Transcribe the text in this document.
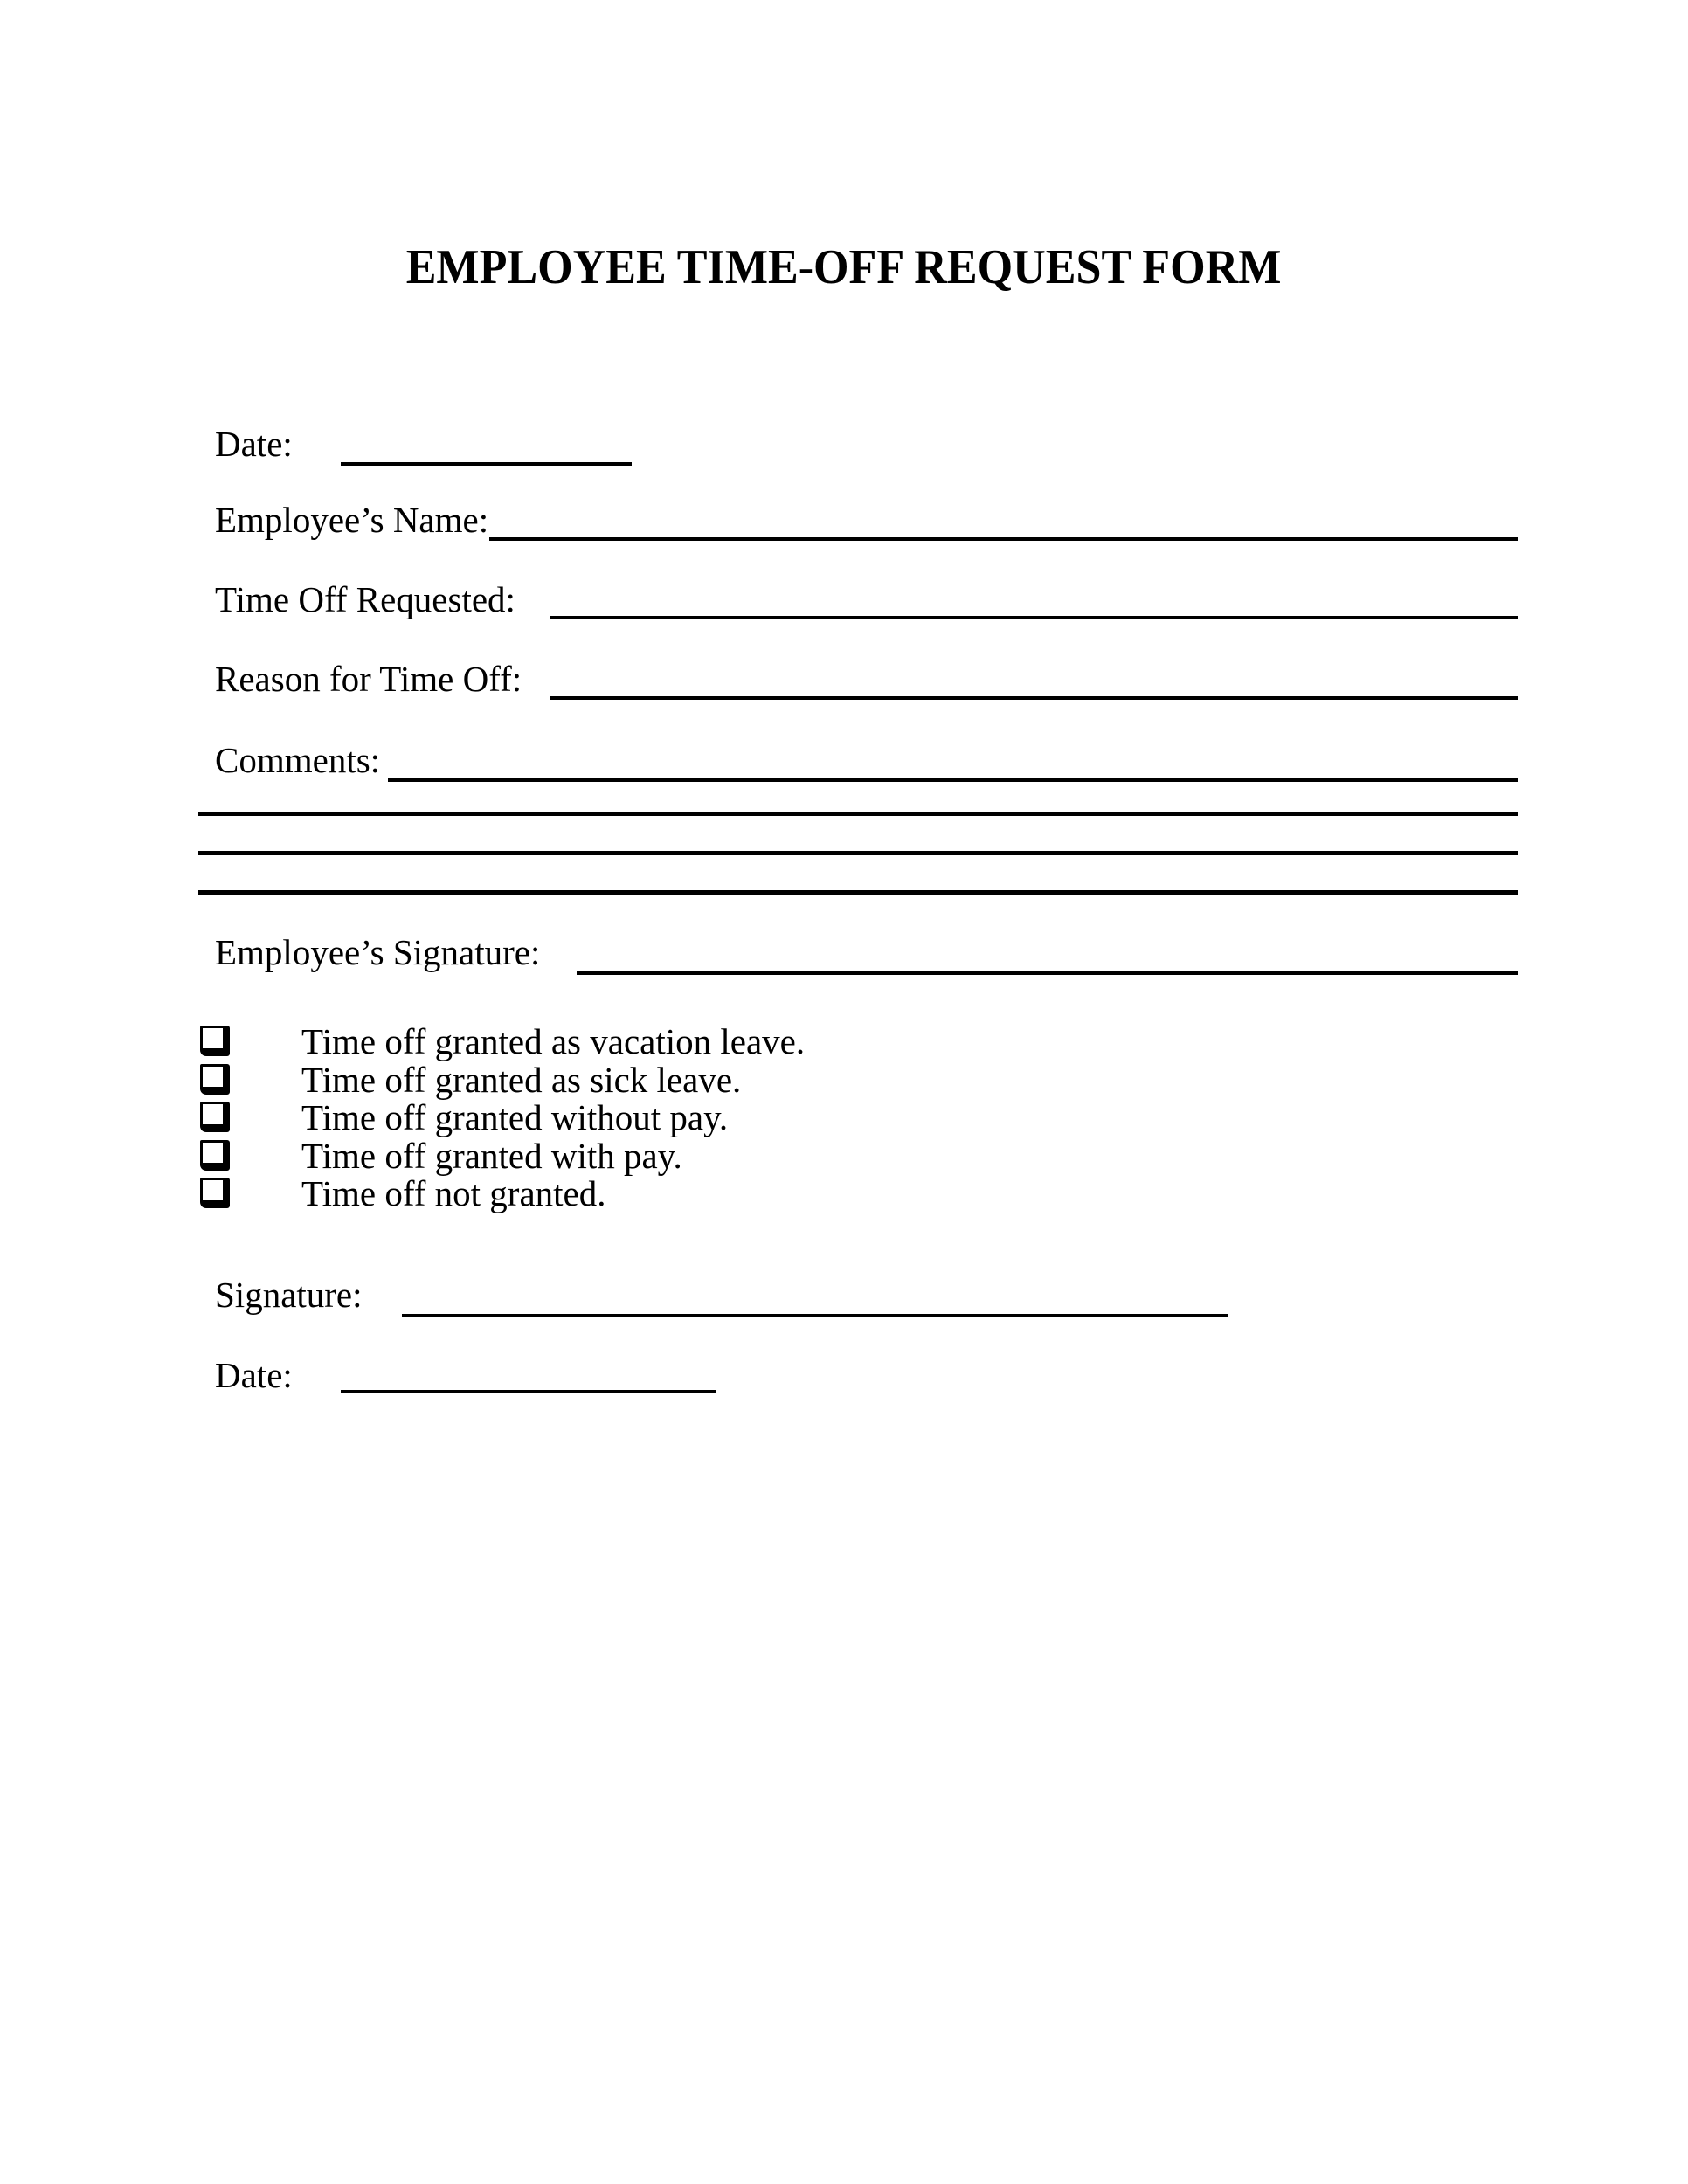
EMPLOYEE TIME-OFF REQUEST FORM
Date:
Employee’s Name:
Time Off Requested:
Reason for Time Off:
Comments:
Employee’s Signature:
Time off granted as vacation leave.
Time off granted as sick leave.
Time off granted without pay.
Time off granted with pay.
Time off not granted.
Signature:
Date:
